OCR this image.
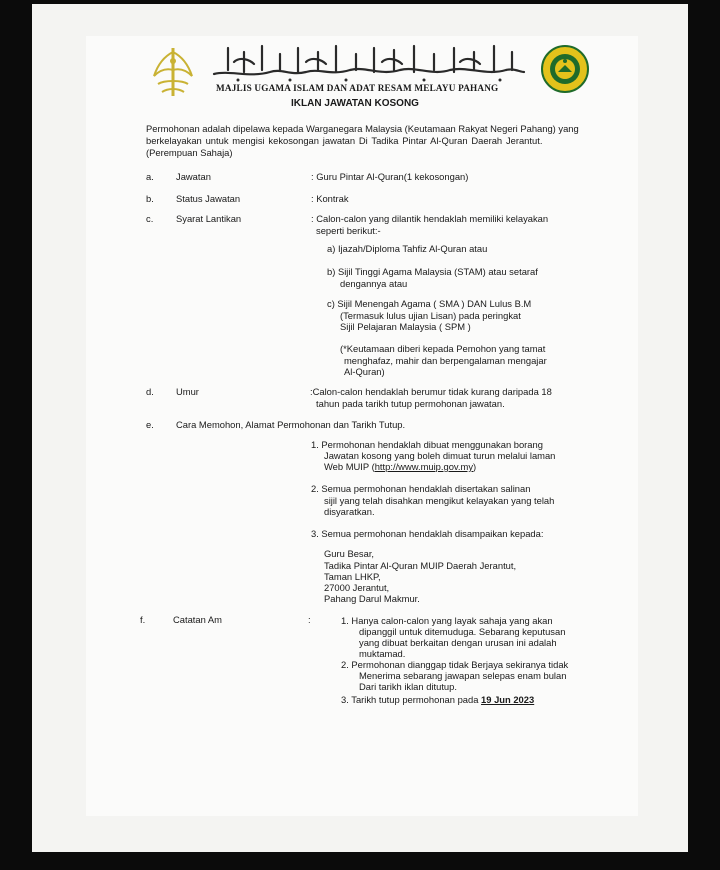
MAJLIS UGAMA ISLAM DAN ADAT RESAM MELAYU PAHANG
IKLAN JAWATAN KOSONG
Permohonan adalah dipelawa kepada Warganegara Malaysia (Keutamaan Rakyat Negeri Pahang) yang
berkelayakan untuk mengisi kekosongan jawatan Di Tadika Pintar Al-Quran Daerah Jerantut.
(Perempuan Sahaja)
a. Jawatan	: Guru Pintar Al-Quran(1 kekosongan)
b. Status Jawatan	: Kontrak
c. Syarat Lantikan	: Calon-calon yang dilantik hendaklah memiliki kelayakan
seperti berikut:-
a) Ijazah/Diploma Tahfiz Al-Quran atau
b) Sijil Tinggi Agama Malaysia (STAM) atau setaraf
dengannya atau
c) Sijil Menengah Agama ( SMA ) DAN Lulus B.M
(Termasuk lulus ujian Lisan) pada peringkat
Sijil Pelajaran Malaysia ( SPM )
(*Keutamaan diberi kepada Pemohon yang tamat
menghafaz, mahir dan berpengalaman mengajar
Al-Quran)
d. Umur	:Calon-calon hendaklah berumur tidak kurang daripada 18
tahun pada tarikh tutup permohonan jawatan.
e. Cara Memohon, Alamat Permohonan dan Tarikh Tutup.
1. Permohonan hendaklah dibuat menggunakan borang
Jawatan kosong yang boleh dimuat turun melalui laman
Web MUIP (http://www.muip.gov.my)
2. Semua permohonan hendaklah disertakan salinan
sijil yang telah disahkan mengikut kelayakan yang telah
disyaratkan.
3. Semua permohonan hendaklah disampaikan kepada:
Guru Besar,
Tadika Pintar Al-Quran MUIP Daerah Jerantut,
Taman LHKP,
27000 Jerantut,
Pahang Darul Makmur.
f.	Catatan Am	:	1. Hanya calon-calon yang layak sahaja yang akan
dipanggil untuk ditemuduga. Sebarang keputusan
yang dibuat berkaitan dengan urusan ini adalah
muktamad.
2. Permohonan dianggap tidak Berjaya sekiranya tidak
Menerima sebarang jawapan selepas enam bulan
Dari tarikh iklan ditutup.
3. Tarikh tutup permohonan pada 19 Jun 2023
